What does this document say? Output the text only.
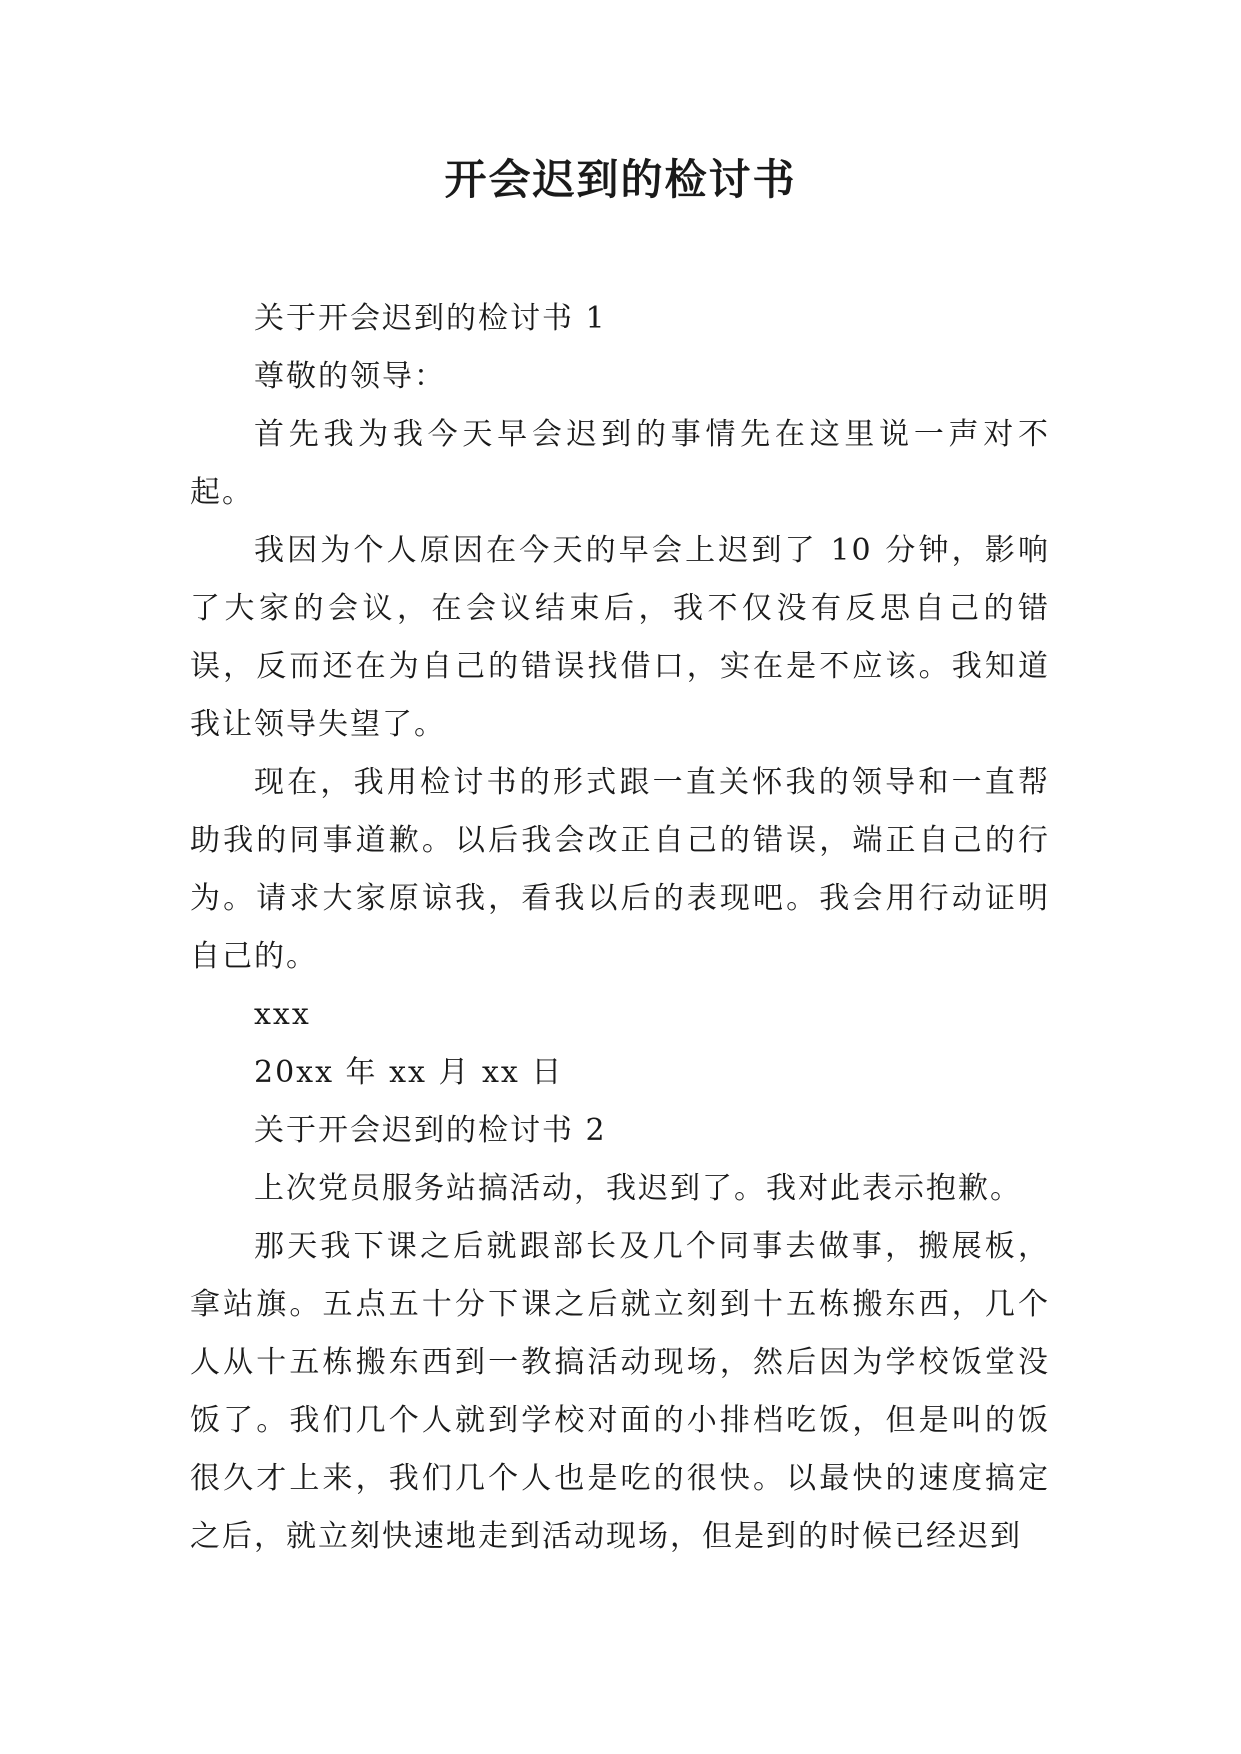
开会迟到的检讨书

关于开会迟到的检讨书 1

尊敬的领导：

首先我为我今天早会迟到的事情先在这里说一声对不起。

我因为个人原因在今天的早会上迟到了 10 分钟，影响了大家的会议，在会议结束后，我不仅没有反思自己的错误，反而还在为自己的错误找借口，实在是不应该。我知道我让领导失望了。

现在，我用检讨书的形式跟一直关怀我的领导和一直帮助我的同事道歉。以后我会改正自己的错误，端正自己的行为。请求大家原谅我，看我以后的表现吧。我会用行动证明自己的。

xxx

20xx 年 xx 月 xx 日

关于开会迟到的检讨书 2

上次党员服务站搞活动，我迟到了。我对此表示抱歉。

那天我下课之后就跟部长及几个同事去做事，搬展板，拿站旗。五点五十分下课之后就立刻到十五栋搬东西，几个人从十五栋搬东西到一教搞活动现场，然后因为学校饭堂没饭了。我们几个人就到学校对面的小排档吃饭，但是叫的饭很久才上来，我们几个人也是吃的很快。以最快的速度搞定之后，就立刻快速地走到活动现场，但是到的时候已经迟到
